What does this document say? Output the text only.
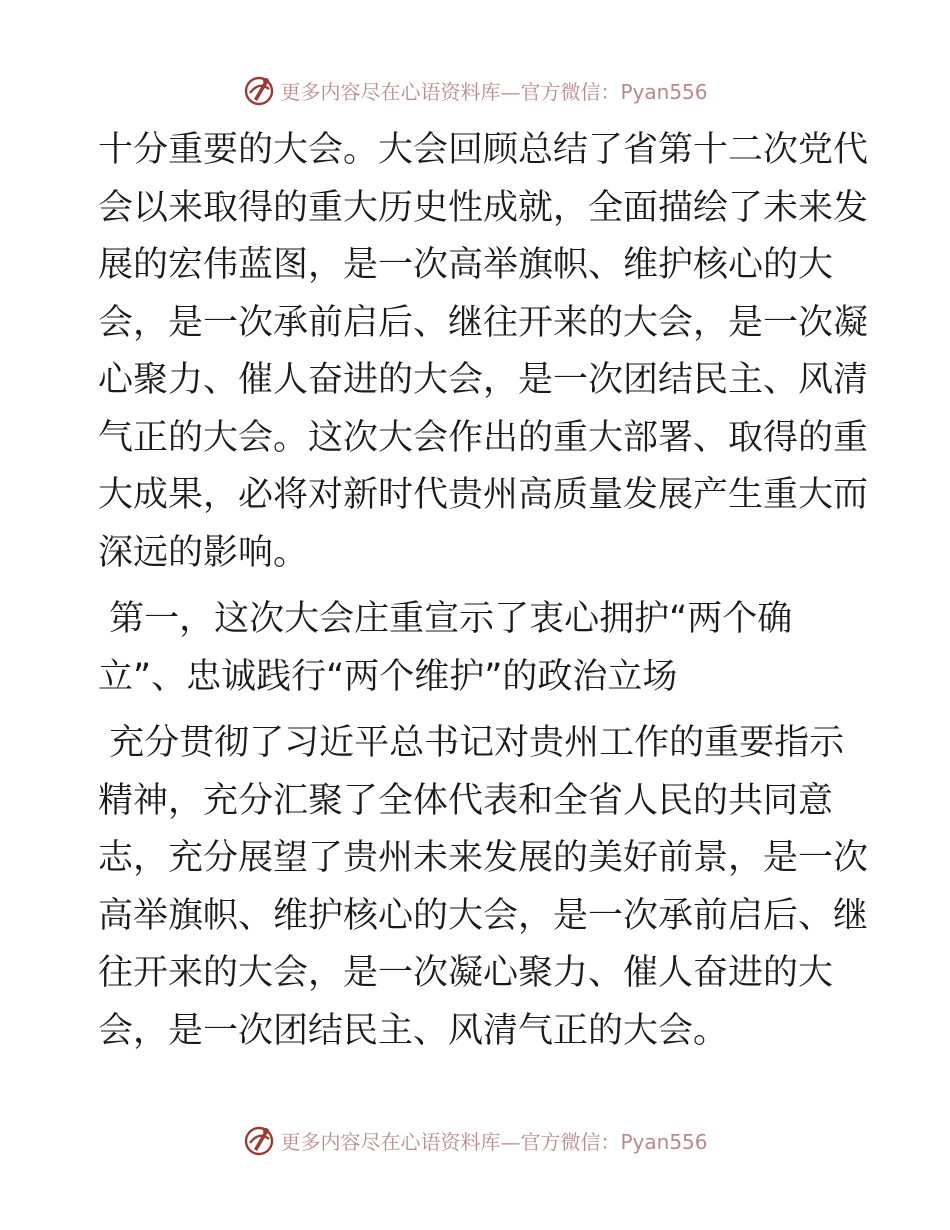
更多内容尽在心语资料库—官方微信：Pyan556
十分重要的大会。大会回顾总结了省第十二次党代
会以来取得的重大历史性成就，全面描绘了未来发
展的宏伟蓝图，是一次高举旗帜、维护核心的大
会，是一次承前启后、继往开来的大会，是一次凝
心聚力、催人奋进的大会，是一次团结民主、风清
气正的大会。这次大会作出的重大部署、取得的重
大成果，必将对新时代贵州高质量发展产生重大而
深远的影响。
第一，这次大会庄重宣示了衷心拥护“两个确
立”、忠诚践行“两个维护”的政治立场
充分贯彻了习近平总书记对贵州工作的重要指示
精神，充分汇聚了全体代表和全省人民的共同意
志，充分展望了贵州未来发展的美好前景，是一次
高举旗帜、维护核心的大会，是一次承前启后、继
往开来的大会，是一次凝心聚力、催人奋进的大
会，是一次团结民主、风清气正的大会。
更多内容尽在心语资料库—官方微信：Pyan556
